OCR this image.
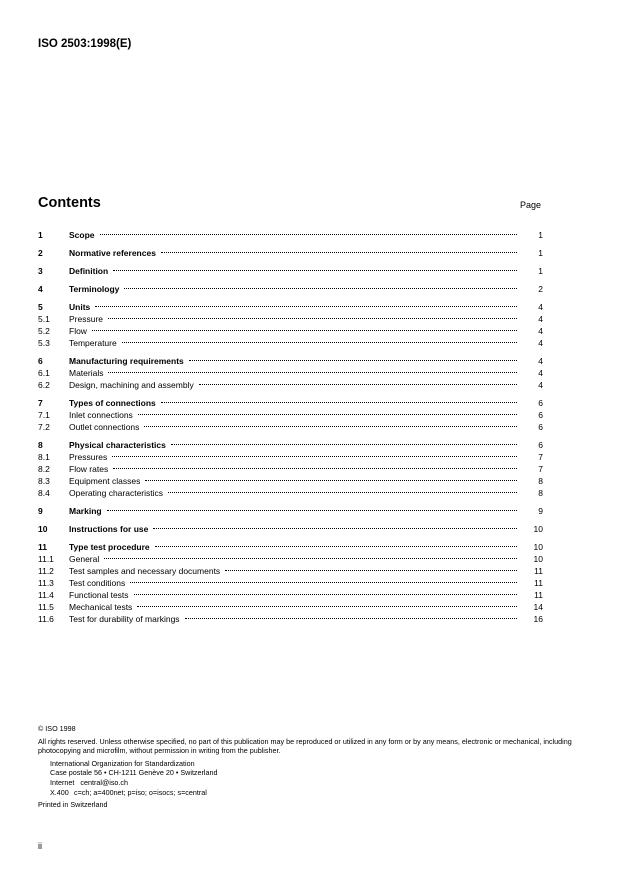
ISO 2503:1998(E)
Contents	Page
1	Scope	1
2	Normative references	1
3	Definition	1
4	Terminology	2
5	Units	4
5.1	Pressure	4
5.2	Flow	4
5.3	Temperature	4
6	Manufacturing requirements	4
6.1	Materials	4
6.2	Design, machining and assembly	4
7	Types of connections	6
7.1	Inlet connections	6
7.2	Outlet connections	6
8	Physical characteristics	6
8.1	Pressures	7
8.2	Flow rates	7
8.3	Equipment classes	8
8.4	Operating characteristics	8
9	Marking	9
10	Instructions for use	10
11	Type test procedure	10
11.1	General	10
11.2	Test samples and necessary documents	11
11.3	Test conditions	11
11.4	Functional tests	11
11.5	Mechanical tests	14
11.6	Test for durability of markings	16
© ISO 1998
All rights reserved. Unless otherwise specified, no part of this publication may be reproduced or utilized in any form or by any means, electronic or mechanical, including photocopying and microfilm, without permission in writing from the publisher.
International Organization for Standardization
Case postale 56 • CH-1211 Genève 20 • Switzerland
Internet central@iso.ch
X.400 c=ch; a=400net; p=iso; o=isocs; s=central
Printed in Switzerland
ii
